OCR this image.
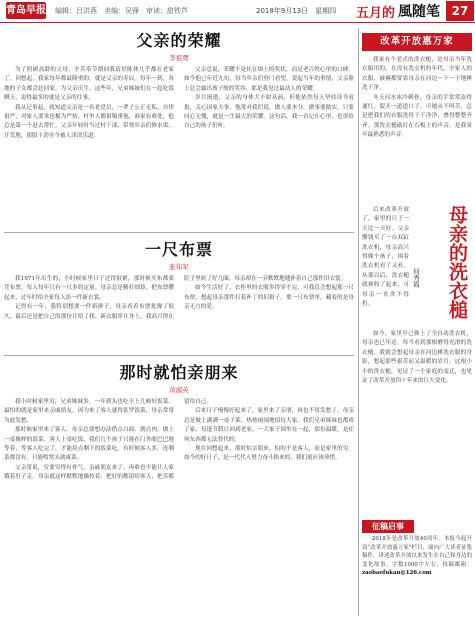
青岛早报 编辑：吕洪燕　美编：吴锋　审读：甜铁芦	2018年9月13日　星期四 五月的 風随笔 27
父亲的荣耀
李祖胥

为了照顾高龄的父母，辛苦奉节期间我请好陈休几乎都在老家了。回想起，我家每年都最隆重的，就是父亲的寿辰。每年一到，各地的子女都会赶回家，为父亲庆生。这些年，兄弟姊妹们在一起吃饭聊天，说得最多的就是父亲的往事。

我从记事起，就知道父亲是一名老党员，一辈子公正无私，自律很严，对家人要求也极为严格。村里人都很敬重他，谁家有难处，他总是第一个赶去帮忙。父亲年轻时当过村干部，带领乡亲们修水渠、开荒地，那股干劲至今被人津津乐道。

父亲总说，荣耀不是挂在墙上的奖状，而是老百姓心里的口碑。如今他已年近九旬，每当乡亲们登门看望，说起当年的事情，父亲脸上总会露出孩子般的笑容，那是我见过最动人的荣耀。

岁月流逝，父亲的身体大不如从前，但他依然每天坚持读书看报，关心国家大事。他常对我们说，做人要本分，做事要踏实，只要问心无愧，就是一生最大的荣耀。这句话，我一直记在心里，也讲给自己的孩子们听。

一尺布票
张伟军

我1971年出生的，小时候家里日子过得很紧，那时候买布都要凭布票，每人每年只有一尺多的定量。母亲总是精打细算，把布票攒起来，过年时给全家每人添一件新衣裳。

记得有一年，我特别想要一件新褂子，母亲看着布票犹豫了很久，最后还是把自己的那份让给了我。新衣服穿在身上，我高兴得在院子里转了好几圈，母亲却在一旁默默地缝补着自己那件旧衣裳。

如今生活好了，衣柜里的衣服多得穿不完，可我总会想起那一尺布票，想起母亲那件打着补丁的旧褂子。那一尺布票里，藏着的是母亲无言的爱。

那时就怕亲朋来
黄淑英

我小时候家里穷，兄弟姊妹多，一年到头也吃不上几顿好饭菜。最怕的就是家里来亲戚朋友，因为来了客人就得张罗饭菜，母亲常常为此发愁。

那时候家里来了客人，母亲总要想办法借点白面、割点肉，做上一桌像样的饭菜。客人上桌吃饭，我们几个孩子只能在门外眼巴巴地等着，等客人吃完了，才能捡点剩下的饭菜吃。有时候客人多，连剩菜都没有，只能啃窝头就咸菜。

父亲常说，穷要穷得有骨气，亲戚朋友来了，再难也不能让人家饿着肚子走。母亲就这样默默地操持着，把好的都留给客人，把苦都留给自己。

后来日子慢慢好起来了，家里来了亲朋，再也不用发愁了。母亲总是做上满满一桌子菜，热热闹闹地招待大家。我们兄弟姊妹也都成了家，每逢节假日回到老家，一大家子围坐在一起，那份温暖，是任何东西都无法替代的。

现在回想起来，那时怕亲朋来，怕的不是客人，而是家里的穷。如今的好日子，是一代代人努力奋斗换来的，我们更应该珍惜。

改革开放惠万家

我家有个老式的洗衣槌，是母亲当年洗衣服用的。在没有洗衣机的年代，全家人的衣服、被褥都要靠母亲在河边一下一下地捶洗干净。

冬天河水冰冷刺骨，母亲的手常常冻得通红，裂开一道道口子。可她从不叫苦，总是把我们的衣服洗得干干净净，叠得整整齐齐。那洗衣槌敲打在石板上的声音，是我童年最熟悉的声音。

母亲的洗衣槌
何秀霞

后来改革开放了，家里的日子一天比一天好。父亲攒钱买了一台双缸洗衣机，母亲高兴得像个孩子，围着洗衣机看了又看。从那以后，洗衣槌就被收了起来，可母亲一直舍不得扔。

如今，家里早已换上了全自动洗衣机，母亲也已年迈。每当看到那根磨得光滑的洗衣槌，我就会想起母亲在河边捶洗衣服的身影，想起那些艰苦而又温暖的岁月。这根小小的洗衣槌，见证了一个家庭的变迁，也见证了改革开放四十年来的巨大变化。

征稿启事
2018年是改革开放40周年。本报今起开设“改革开放惠万家”栏目，面向广大读者征集稿件，讲述改革开放以来发生在自己和身边的变化故事。字数1000字左右，投稿邮箱：zaobaofukan@126.com
